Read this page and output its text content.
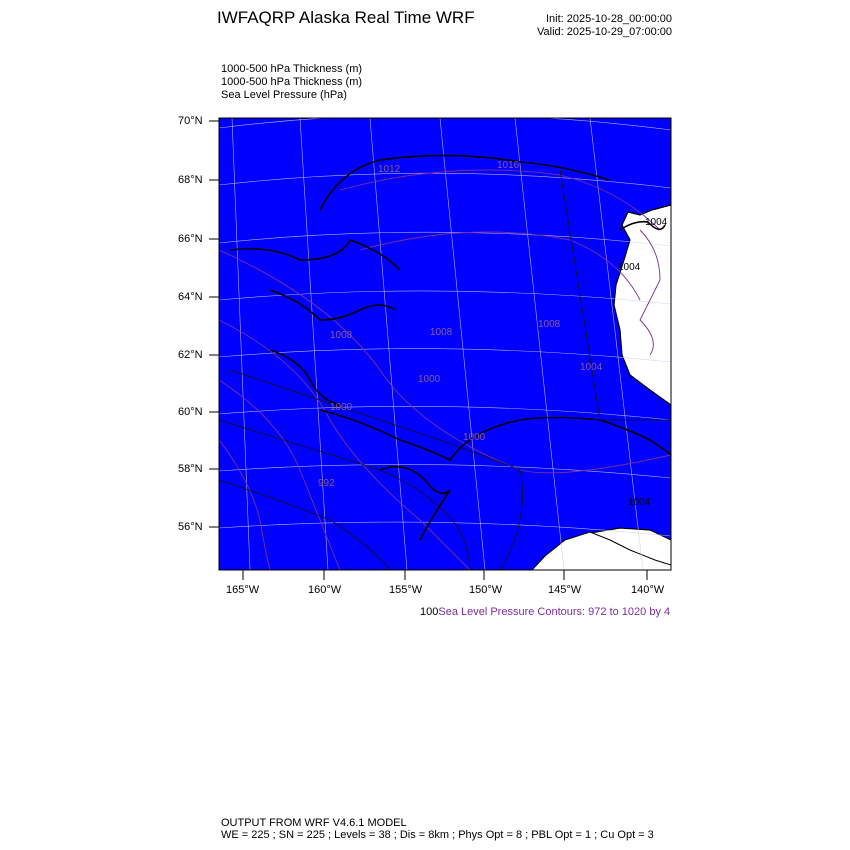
IWFAQRP Alaska Real Time WRF	Init: 2025-10-28_00:00:00
Valid: 2025-10-29_07:00:00
1000-500 hPa Thickness (m)
1000-500 hPa Thickness (m)
Sea Level Pressure (hPa)
1016
1008
1008
1000
1000
1000
992
1008
1012
1004
1004
1004
1004
70°N
68°N
66°N
64°N
62°N
60°N
58°N
56°N
165°W	160°W	155°W	150°W	145°W	140°W
100Sea Level Pressure Contours: 972 to 1020 by 4
OUTPUT FROM WRF V4.6.1 MODEL
WE = 225 ; SN = 225 ; Levels = 38 ; Dis = 8km ; Phys Opt = 8 ; PBL Opt = 1 ; Cu Opt = 3
